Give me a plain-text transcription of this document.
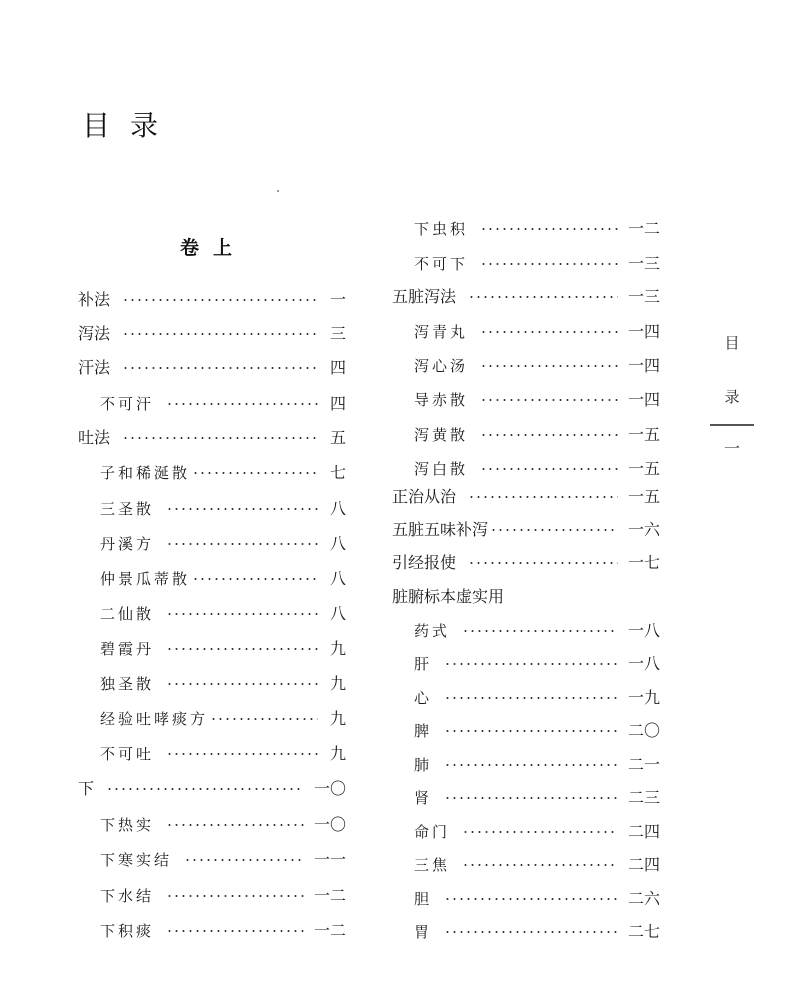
目录
卷上
补法	一
泻法	三
汗法	四
不可汗	四
吐法	五
子和稀涎散	七
三圣散	八
丹溪方	八
仲景瓜蒂散	八
二仙散	八
碧霞丹	九
独圣散	九
经验吐哮痰方	九
不可吐	九
下	一〇
下热实	一〇
下寒实结	一一
下水结	一二
下积痰	一二
下虫积	一二
不可下	一三
五脏泻法	一三
泻青丸	一四
泻心汤	一四
导赤散	一四
泻黄散	一五
泻白散	一五
正治从治	一五
五脏五味补泻	一六
引经报使	一七
脏腑标本虚实用
药式	一八
肝	一八
心	一九
脾	二〇
肺	二一
肾	二三
命门	二四
三焦	二四
胆	二六
胃	二七
目
录
一
